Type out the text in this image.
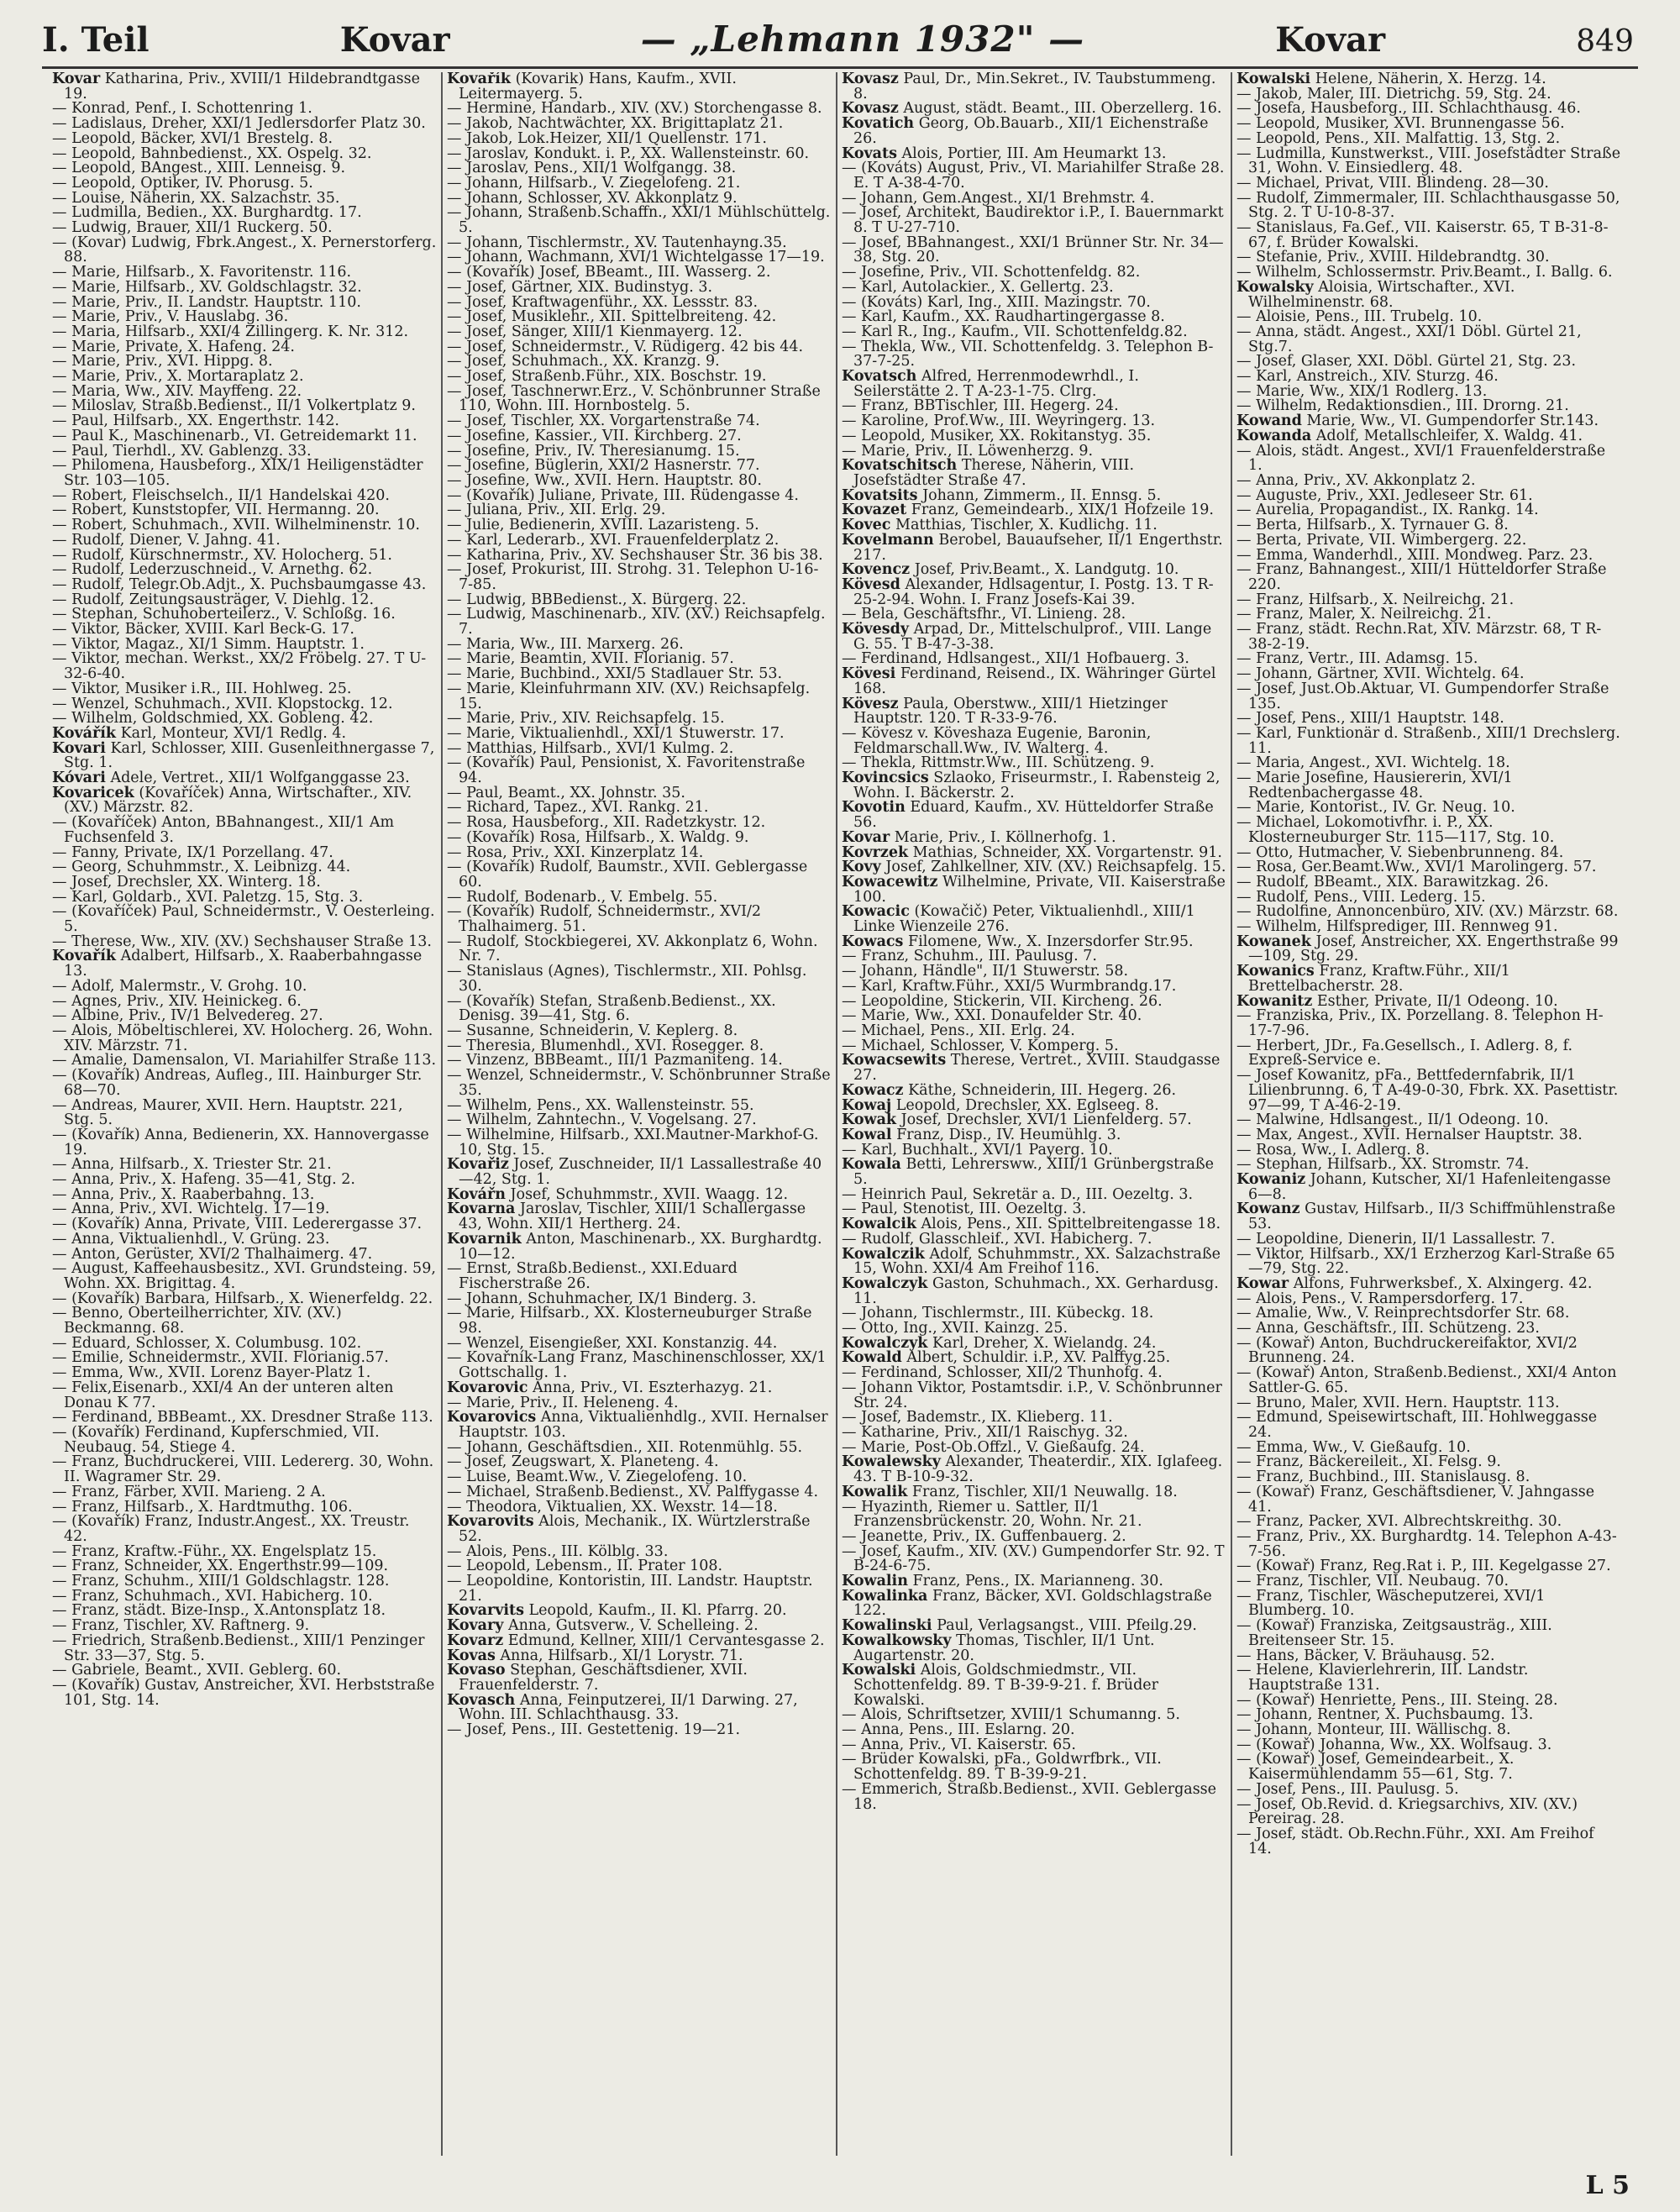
I. Teil	Kovar	— „Lehmann 1932" —	Kovar	849
Kovar Katharina, Priv., XVIII/1 Hildebrandtgasse 19.
— Konrad, Penf., I. Schottenring 1.
— Ladislaus, Dreher, XXI/1 Jedlersdorfer Platz 30.
— Leopold, Bäcker, XVI/1 Brestelg. 8.
— Leopold, Bahnbedienst., XX. Ospelg. 32.
— Leopold, BAngest., XIII. Lenneisg. 9.
— Leopold, Optiker, IV. Phorusg. 5.
— Louise, Näherin, XX. Salzachstr. 35.
— Ludmilla, Bedien., XX. Burghardtg. 17.
— Ludwig, Brauer, XII/1 Ruckerg. 50.
— (Kovar) Ludwig, Fbrk.Angest., X. Pernerstorferg. 88.
— Marie, Hilfsarb., X. Favoritenstr. 116.
— Marie, Hilfsarb., XV. Goldschlagstr. 32.
— Marie, Priv., II. Landstr. Hauptstr. 110.
— Marie, Priv., V. Hauslabg. 36.
— Maria, Hilfsarb., XXI/4 Zillingerg. K. Nr. 312.
— Marie, Private, X. Hafeng. 24.
— Marie, Priv., XVI. Hippg. 8.
— Marie, Priv., X. Mortaraplatz 2.
— Maria, Ww., XIV. Mayffeng. 22.
— Miloslav, Straßb.Bedienst., II/1 Volkertplatz 9.
— Paul, Hilfsarb., XX. Engerthstr. 142.
— Paul K., Maschinenarb., VI. Getreidemarkt 11.
— Paul, Tierhdl., XV. Gablenzg. 33.
— Philomena, Hausbeforg., XIX/1 Heiligenstädter Str. 103—105.
— Robert, Fleischselch., II/1 Handelskai 420.
— Robert, Kunststopfer, VII. Hermanng. 20.
— Robert, Schuhmach., XVII. Wilhelminenstr. 10.
— Rudolf, Diener, V. Jahng. 41.
— Rudolf, Kürschnermstr., XV. Holocherg. 51.
— Rudolf, Lederzuschneid., V. Arnethg. 62.
— Rudolf, Telegr.Ob.Adjt., X. Puchsbaumgasse 43.
— Rudolf, Zeitungsausträger, V. Diehlg. 12.
— Stephan, Schuhoberteilerz., V. Schloßg. 16.
— Viktor, Bäcker, XVIII. Karl Beck-G. 17.
— Viktor, Magaz., XI/1 Simm. Hauptstr. 1.
— Viktor, mechan. Werkst., XX/2 Fröbelg. 27. T U-32-6-40.
— Viktor, Musiker i.R., III. Hohlweg. 25.
— Wenzel, Schuhmach., XVII. Klopstockg. 12.
— Wilhelm, Goldschmied, XX. Gobleng. 42.
Kovářík Karl, Monteur, XVI/1 Redlg. 4.
Kovari Karl, Schlosser, XIII. Gusenleithnergasse 7, Stg. 1.
Kóvari Adele, Vertret., XII/1 Wolfganggasse 23.
Kovaricek (Kovaříček) Anna, Wirtschafter., XIV. (XV.) Märzstr. 82.
— (Kovaříček) Anton, BBahnangest., XII/1 Am Fuchsenfeld 3.
— Fanny, Private, IX/1 Porzellang. 47.
— Georg, Schuhmmstr., X. Leibnizg. 44.
— Josef, Drechsler, XX. Winterg. 18.
— Karl, Goldarb., XVI. Paletzg. 15, Stg. 3.
— (Kovaříček) Paul, Schneidermstr., V. Oesterleing. 5.
— Therese, Ww., XIV. (XV.) Sechshauser Straße 13.
Kovařík Adalbert, Hilfsarb., X. Raaberbahngasse 13.
— Adolf, Malermstr., V. Grohg. 10.
— Agnes, Priv., XIV. Heinickeg. 6.
— Albine, Priv., IV/1 Belvedereg. 27.
— Alois, Möbeltischlerei, XV. Holocherg. 26, Wohn. XIV. Märzstr. 71.
— Amalie, Damensalon, VI. Mariahilfer Straße 113.
— (Kovařík) Andreas, Aufleg., III. Hainburger Str. 68—70.
— Andreas, Maurer, XVII. Hern. Hauptstr. 221, Stg. 5.
— (Kovařík) Anna, Bedienerin, XX. Hannovergasse 19.
— Anna, Hilfsarb., X. Triester Str. 21.
— Anna, Priv., X. Hafeng. 35—41, Stg. 2.
— Anna, Priv., X. Raaberbahng. 13.
— Anna, Priv., XVI. Wichtelg. 17—19.
— (Kovařík) Anna, Private, VIII. Lederergasse 37.
— Anna, Viktualienhdl., V. Grüng. 23.
— Anton, Gerüster, XVI/2 Thalhaimerg. 47.
— August, Kaffeehausbesitz., XVI. Grundsteing. 59, Wohn. XX. Brigittag. 4.
— (Kovařík) Barbara, Hilfsarb., X. Wienerfeldg. 22.
— Benno, Oberteilherrichter, XIV. (XV.) Beckmanng. 68.
— Eduard, Schlosser, X. Columbusg. 102.
— Emilie, Schneidermstr., XVII. Florianig.57.
— Emma, Ww., XVII. Lorenz Bayer-Platz 1.
— Felix,Eisenarb., XXI/4 An der unteren alten Donau K 77.
— Ferdinand, BBBeamt., XX. Dresdner Straße 113.
— (Kovařík) Ferdinand, Kupferschmied, VII. Neubaug. 54, Stiege 4.
— Franz, Buchdruckerei, VIII. Ledererg. 30, Wohn. II. Wagramer Str. 29.
— Franz, Färber, XVII. Marieng. 2 A.
— Franz, Hilfsarb., X. Hardtmuthg. 106.
— (Kovařík) Franz, Industr.Angest., XX. Treustr. 42.
— Franz, Kraftw.-Führ., XX. Engelsplatz 15.
— Franz, Schneider, XX. Engerthstr.99—109.
— Franz, Schuhm., XIII/1 Goldschlagstr. 128.
— Franz, Schuhmach., XVI. Habicherg. 10.
— Franz, städt. Bize-Insp., X.Antonsplatz 18.
— Franz, Tischler, XV. Raftnerg. 9.
— Friedrich, Straßenb.Bedienst., XIII/1 Penzinger Str. 33—37, Stg. 5.
— Gabriele, Beamt., XVII. Geblerg. 60.
— (Kovařík) Gustav, Anstreicher, XVI. Herbststraße 101, Stg. 14.
Kovařík (Kovarik) Hans, Kaufm., XVII. Leitermayerg. 5.
— Hermine, Handarb., XIV. (XV.) Storchengasse 8.
— Jakob, Nachtwächter, XX. Brigittaplatz 21.
— Jakob, Lok.Heizer, XII/1 Quellenstr. 171.
— Jaroslav, Kondukt. i. P., XX. Wallensteinstr. 60.
— Jaroslav, Pens., XII/1 Wolfgangg. 38.
— Johann, Hilfsarb., V. Ziegelofeng. 21.
— Johann, Schlosser, XV. Akkonplatz 9.
— Johann, Straßenb.Schaffn., XXI/1 Mühlschüttelg. 5.
— Johann, Tischlermstr., XV. Tautenhayng.35.
— Johann, Wachmann, XVI/1 Wichtelgasse 17—19.
— (Kovařík) Josef, BBeamt., III. Wasserg. 2.
— Josef, Gärtner, XIX. Budinstyg. 3.
— Josef, Kraftwagenführ., XX. Lessstr. 83.
— Josef, Musiklehr., XII. Spittelbreiteng. 42.
— Josef, Sänger, XIII/1 Kienmayerg. 12.
— Josef, Schneidermstr., V. Rüdigerg. 42 bis 44.
— Josef, Schuhmach., XX. Kranzg. 9.
— Josef, Straßenb.Führ., XIX. Boschstr. 19.
— Josef, Taschnerwr.Erz., V. Schönbrunner Straße 110, Wohn. III. Hornbostelg. 5.
— Josef, Tischler, XX. Vorgartenstraße 74.
— Josefine, Kassier., VII. Kirchberg. 27.
— Josefine, Priv., IV. Theresianumg. 15.
— Josefine, Büglerin, XXI/2 Hasnerstr. 77.
— Josefine, Ww., XVII. Hern. Hauptstr. 80.
— (Kovařík) Juliane, Private, III. Rüdengasse 4.
— Juliana, Priv., XII. Erlg. 29.
— Julie, Bedienerin, XVIII. Lazaristeng. 5.
— Karl, Lederarb., XVI. Frauenfelderplatz 2.
— Katharina, Priv., XV. Sechshauser Str. 36 bis 38.
— Josef, Prokurist, III. Strohg. 31. Telephon U-16-7-85.
— Ludwig, BBBedienst., X. Bürgerg. 22.
— Ludwig, Maschinenarb., XIV. (XV.) Reichsapfelg. 7.
— Maria, Ww., III. Marxerg. 26.
— Marie, Beamtin, XVII. Florianig. 57.
— Marie, Buchbind., XXI/5 Stadlauer Str. 53.
— Marie, Kleinfuhrmann XIV. (XV.) Reichsapfelg. 15.
— Marie, Priv., XIV. Reichsapfelg. 15.
— Marie, Viktualienhdl., XXI/1 Stuwerstr. 17.
— Matthias, Hilfsarb., XVI/1 Kulmg. 2.
— (Kovařík) Paul, Pensionist, X. Favoritenstraße 94.
— Paul, Beamt., XX. Johnstr. 35.
— Richard, Tapez., XVI. Rankg. 21.
— Rosa, Hausbeforg., XII. Radetzkystr. 12.
— (Kovařík) Rosa, Hilfsarb., X. Waldg. 9.
— Rosa, Priv., XXI. Kinzerplatz 14.
— (Kovařík) Rudolf, Baumstr., XVII. Geblergasse 60.
— Rudolf, Bodenarb., V. Embelg. 55.
— (Kovařík) Rudolf, Schneidermstr., XVI/2 Thalhaimerg. 51.
— Rudolf, Stockbiegerei, XV. Akkonplatz 6, Wohn. Nr. 7.
— Stanislaus (Agnes), Tischlermstr., XII. Pohlsg. 30.
— (Kovařík) Stefan, Straßenb.Bedienst., XX. Denisg. 39—41, Stg. 6.
— Susanne, Schneiderin, V. Keplerg. 8.
— Theresia, Blumenhdl., XVI. Rosegger. 8.
— Vinzenz, BBBeamt., III/1 Pazmaniteng. 14.
— Wenzel, Schneidermstr., V. Schönbrunner Straße 35.
— Wilhelm, Pens., XX. Wallensteinstr. 55.
— Wilhelm, Zahntechn., V. Vogelsang. 27.
— Wilhelmine, Hilfsarb., XXI.Mautner-Markhof-G. 10, Stg. 15.
Kovařiz Josef, Zuschneider, II/1 Lassallestraße 40—42, Stg. 1.
Kovářn Josef, Schuhmmstr., XVII. Waagg. 12.
Kovarna Jaroslav, Tischler, XIII/1 Schallergasse 43, Wohn. XII/1 Hertherg. 24.
Kovarnik Anton, Maschinenarb., XX. Burghardtg. 10—12.
— Ernst, Straßb.Bedienst., XXI.Eduard Fischerstraße 26.
— Johann, Schuhmacher, IX/1 Binderg. 3.
— Marie, Hilfsarb., XX. Klosterneuburger Straße 98.
— Wenzel, Eisengießer, XXI. Konstanzig. 44.
— Kovařník-Lang Franz, Maschinenschlosser, XX/1 Gottschallg. 1.
Kovarovic Anna, Priv., VI. Eszterhazyg. 21.
— Marie, Priv., II. Heleneng. 4.
Kovarovics Anna, Viktualienhdlg., XVII. Hernalser Hauptstr. 103.
— Johann, Geschäftsdien., XII. Rotenmühlg. 55.
— Josef, Zeugswart, X. Planeteng. 4.
— Luise, Beamt.Ww., V. Ziegelofeng. 10.
— Michael, Straßenb.Bedienst., XV. Palffygasse 4.
— Theodora, Viktualien, XX. Wexstr. 14—18.
Kovarovits Alois, Mechanik., IX. Würtzlerstraße 52.
— Alois, Pens., III. Kölblg. 33.
— Leopold, Lebensm., II. Prater 108.
— Leopoldine, Kontoristin, III. Landstr. Hauptstr. 21.
Kovarvits Leopold, Kaufm., II. Kl. Pfarrg. 20.
Kovary Anna, Gutsverw., V. Schelleing. 2.
Kovarz Edmund, Kellner, XIII/1 Cervantesgasse 2.
Kovas Anna, Hilfsarb., XI/1 Lorystr. 71.
Kovaso Stephan, Geschäftsdiener, XVII. Frauenfelderstr. 7.
Kovasch Anna, Feinputzerei, II/1 Darwing. 27, Wohn. III. Schlachthausg. 33.
— Josef, Pens., III. Gestettenig. 19—21.
Kovasz Paul, Dr., Min.Sekret., IV. Taubstummeng. 8.
Kovasz August, städt. Beamt., III. Oberzellerg. 16.
Kovatich Georg, Ob.Bauarb., XII/1 Eichenstraße 26.
Kovats Alois, Portier, III. Am Heumarkt 13.
— (Kováts) August, Priv., VI. Mariahilfer Straße 28. E. T A-38-4-70.
— Johann, Gem.Angest., XI/1 Brehmstr. 4.
— Josef, Architekt, Baudirektor i.P., I. Bauernmarkt 8. T U-27-710.
— Josef, BBahnangest., XXI/1 Brünner Str. Nr. 34—38, Stg. 20.
— Josefine, Priv., VII. Schottenfeldg. 82.
— Karl, Autolackier., X. Gellertg. 23.
— (Kováts) Karl, Ing., XIII. Mazingstr. 70.
— Karl, Kaufm., XX. Raudhartingergasse 8.
— Karl R., Ing., Kaufm., VII. Schottenfeldg.82.
— Thekla, Ww., VII. Schottenfeldg. 3. Telephon B-37-7-25.
Kovatsch Alfred, Herrenmodewrhdl., I. Seilerstätte 2. T A-23-1-75. Clrg.
— Franz, BBTischler, III. Hegerg. 24.
— Karoline, Prof.Ww., III. Weyringerg. 13.
— Leopold, Musiker, XX. Rokitanstyg. 35.
— Marie, Priv., II. Löwenherzg. 9.
Kovatschitsch Therese, Näherin, VIII. Josefstädter Straße 47.
Kovatsits Johann, Zimmerm., II. Ennsg. 5.
Kovazet Franz, Gemeindearb., XIX/1 Hofzeile 19.
Kovec Matthias, Tischler, X. Kudlichg. 11.
Kovelmann Berobel, Bauaufseher, II/1 Engerthstr. 217.
Kovencz Josef, Priv.Beamt., X. Landgutg. 10.
Kövesd Alexander, Hdlsagentur, I. Postg. 13. T R-25-2-94. Wohn. I. Franz Josefs-Kai 39.
— Bela, Geschäftsfhr., VI. Linieng. 28.
Kövesdy Arpad, Dr., Mittelschulprof., VIII. Lange G. 55. T B-47-3-38.
— Ferdinand, Hdlsangest., XII/1 Hofbauerg. 3.
Kövesi Ferdinand, Reisend., IX. Währinger Gürtel 168.
Kövesz Paula, Oberstww., XIII/1 Hietzinger Hauptstr. 120. T R-33-9-76.
— Kövesz v. Köveshaza Eugenie, Baronin, Feldmarschall.Ww., IV. Walterg. 4.
— Theklа, Rittmstr.Ww., III. Schützeng. 9.
Kovincsics Szlaoko, Friseurmstr., I. Rabensteig 2, Wohn. I. Bäckerstr. 2.
Kovotin Eduard, Kaufm., XV. Hütteldorfer Straße 56.
Kovar Marie, Priv., I. Köllnerhofg. 1.
Kovrzek Mathias, Schneider, XX. Vorgartenstr. 91.
Kovy Josef, Zahlkellner, XIV. (XV.) Reichsapfelg. 15.
Kowacewitz Wilhelmine, Private, VII. Kaiserstraße 100.
Kowacic (Kowačič) Peter, Viktualienhdl., XIII/1 Linke Wienzeile 276.
Kowacs Filomene, Ww., X. Inzersdorfer Str.95.
— Franz, Schuhm., III. Paulusg. 7.
— Johann, Händle", II/1 Stuwerstr. 58.
— Karl, Kraftw.Führ., XXI/5 Wurmbrandg.17.
— Leopoldine, Stickerin, VII. Kircheng. 26.
— Marie, Ww., XXI. Donaufelder Str. 40.
— Michael, Pens., XII. Erlg. 24.
— Michael, Schlosser, V. Komperg. 5.
Kowacsewits Therese, Vertret., XVIII. Staudgasse 27.
Kowacz Käthe, Schneiderin, III. Hegerg. 26.
Kowaj Leopold, Drechsler, XX. Eglseeg. 8.
Kowak Josef, Drechsler, XVI/1 Lienfelderg. 57.
Kowal Franz, Disp., IV. Heumühlg. 3.
— Karl, Buchhalt., XVI/1 Payerg. 10.
Kowala Betti, Lehrersww., XIII/1 Grünbergstraße 5.
— Heinrich Paul, Sekretär a. D., III. Oezeltg. 3.
— Paul, Stenotist, III. Oezeltg. 3.
Kowalcik Alois, Pens., XII. Spittelbreitengasse 18.
— Rudolf, Glasschleif., XVI. Habicherg. 7.
Kowalczik Adolf, Schuhmmstr., XX. Salzachstraße 15, Wohn. XXI/4 Am Freihof 116.
Kowalczyk Gaston, Schuhmach., XX. Gerhardusg. 11.
— Johann, Tischlermstr., III. Kübeckg. 18.
— Otto, Ing., XVII. Kainzg. 25.
Kowalczyk Karl, Dreher, X. Wielandg. 24.
Kowald Albert, Schuldir. i.P., XV. Palffyg.25.
— Ferdinand, Schlosser, XII/2 Thunhofg. 4.
— Johann Viktor, Postamtsdir. i.P., V. Schönbrunner Str. 24.
— Josef, Bademstr., IX. Klieberg. 11.
— Katharine, Priv., XII/1 Raischyg. 32.
— Marie, Post-Ob.Offzl., V. Gießaufg. 24.
Kowalewsky Alexander, Theaterdir., XIX. Iglafeeg. 43. T B-10-9-32.
Kowalik Franz, Tischler, XII/1 Neuwallg. 18.
— Hyazinth, Riemer u. Sattler, II/1 Franzensbrückenstr. 20, Wohn. Nr. 21.
— Jeanette, Priv., IX. Guffenbauerg. 2.
— Josef, Kaufm., XIV. (XV.) Gumpendorfer Str. 92. T B-24-6-75.
Kowalin Franz, Pens., IX. Marianneng. 30.
Kowalinka Franz, Bäcker, XVI. Goldschlagstraße 122.
Kowalinski Paul, Verlagsangst., VIII. Pfeilg.29.
Kowalkowsky Thomas, Tischler, II/1 Unt. Augartenstr. 20.
Kowalski Alois, Goldschmiedmstr., VII. Schottenfeldg. 89. T B-39-9-21. f. Brüder Kowalski.
— Alois, Schriftsetzer, XVIII/1 Schumanng. 5.
— Anna, Pens., III. Eslarng. 20.
— Anna, Priv., VI. Kaiserstr. 65.
— Brüder Kowalski, pFa., Goldwrfbrk., VII. Schottenfeldg. 89. T B-39-9-21.
— Emmerich, Straßb.Bedienst., XVII. Geblergasse 18.
Kowalski Helene, Näherin, X. Herzg. 14.
— Jakob, Maler, III. Dietrichg. 59, Stg. 24.
— Josefa, Hausbeforg., III. Schlachthausg. 46.
— Leopold, Musiker, XVI. Brunnengasse 56.
— Leopold, Pens., XII. Malfattig. 13, Stg. 2.
— Ludmilla, Kunstwerkst., VIII. Josefstädter Straße 31, Wohn. V. Einsiedlerg. 48.
— Michael, Privat, VIII. Blindeng. 28—30.
— Rudolf, Zimmermaler, III. Schlachthausgasse 50, Stg. 2. T U-10-8-37.
— Stanislaus, Fa.Gef., VII. Kaiserstr. 65, T B-31-8-67, f. Brüder Kowalski.
— Stefanie, Priv., XVIII. Hildebrandtg. 30.
— Wilhelm, Schlossermstr. Priv.Beamt., I. Ballg. 6.
Kowalsky Aloisia, Wirtschafter., XVI. Wilhelminenstr. 68.
— Aloisie, Pens., III. Trubelg. 10.
— Anna, städt. Angest., XXI/1 Döbl. Gürtel 21, Stg.7.
— Josef, Glaser, XXI. Döbl. Gürtel 21, Stg. 23.
— Karl, Anstreich., XIV. Sturzg. 46.
— Marie, Ww., XIX/1 Rodlerg. 13.
— Wilhelm, Redaktionsdien., III. Drorng. 21.
Kowand Marie, Ww., VI. Gumpendorfer Str.143.
Kowanda Adolf, Metallschleifer, X. Waldg. 41.
— Alois, städt. Angest., XVI/1 Frauenfelderstraße 1.
— Anna, Priv., XV. Akkonplatz 2.
— Auguste, Priv., XXI. Jedleseer Str. 61.
— Aurelia, Propagandist., IX. Rankg. 14.
— Berta, Hilfsarb., X. Tyrnauer G. 8.
— Berta, Private, VII. Wimbergerg. 22.
— Emma, Wanderhdl., XIII. Mondweg. Parz. 23.
— Franz, Bahnangest., XIII/1 Hütteldorfer Straße 220.
— Franz, Hilfsarb., X. Neilreichg. 21.
— Franz, Maler, X. Neilreichg. 21.
— Franz, städt. Rechn.Rat, XIV. Märzstr. 68, T R-38-2-19.
— Franz, Vertr., III. Adamsg. 15.
— Johann, Gärtner, XVII. Wichtelg. 64.
— Josef, Just.Ob.Aktuar, VI. Gumpendorfer Straße 135.
— Josef, Pens., XIII/1 Hauptstr. 148.
— Karl, Funktionär d. Straßenb., XIII/1 Drechslerg. 11.
— Maria, Angest., XVI. Wichtelg. 18.
— Marie Josefine, Hausiererin, XVI/1 Redtenbachergasse 48.
— Marie, Kontorist., IV. Gr. Neug. 10.
— Michael, Lokomotivfhr. i. P., XX. Klosterneuburger Str. 115—117, Stg. 10.
— Otto, Hutmacher, V. Siebenbrunneng. 84.
— Rosa, Ger.Beamt.Ww., XVI/1 Marolingerg. 57.
— Rudolf, BBeamt., XIX. Barawitzkag. 26.
— Rudolf, Pens., VIII. Lederg. 15.
— Rudolfine, Annoncenbüro, XIV. (XV.) Märzstr. 68.
— Wilhelm, Hilfsprediger, III. Rennweg 91.
Kowanek Josef, Anstreicher, XX. Engerthstraße 99—109, Stg. 29.
Kowanics Franz, Kraftw.Führ., XII/1 Brettelbacherstr. 28.
Kowanitz Esther, Private, II/1 Odeong. 10.
— Franziska, Priv., IX. Porzellang. 8. Telephon H-17-7-96.
— Herbert, JDr., Fa.Gesellsch., I. Adlerg. 8, f. Expreß-Service e.
— Josef Kowanitz, pFa., Bettfedernfabrik, II/1 Lilienbrunng. 6, T A-49-0-30, Fbrk. XX. Pasettistr. 97—99, T A-46-2-19.
— Malwine, Hdlsangest., II/1 Odeong. 10.
— Max, Angest., XVII. Hernalser Hauptstr. 38.
— Rosa, Ww., I. Adlerg. 8.
— Stephan, Hilfsarb., XX. Stromstr. 74.
Kowaniz Johann, Kutscher, XI/1 Hafenleitengasse 6—8.
Kowanz Gustav, Hilfsarb., II/3 Schiffmühlenstraße 53.
— Leopoldine, Dienerin, II/1 Lassallestr. 7.
— Viktor, Hilfsarb., XX/1 Erzherzog Karl-Straße 65—79, Stg. 22.
Kowar Alfons, Fuhrwerksbef., X. Alxingerg. 42.
— Alois, Pens., V. Rampersdorferg. 17.
— Amalie, Ww., V. Reinprechtsdorfer Str. 68.
— Anna, Geschäftsfr., III. Schützeng. 23.
— (Kowař) Anton, Buchdruckereifaktor, XVI/2 Brunneng. 24.
— (Kowař) Anton, Straßenb.Bedienst., XXI/4 Anton Sattler-G. 65.
— Bruno, Maler, XVII. Hern. Hauptstr. 113.
— Edmund, Speisewirtschaft, III. Hohlweggasse 24.
— Emma, Ww., V. Gießaufg. 10.
— Franz, Bäckereileit., XI. Felsg. 9.
— Franz, Buchbind., III. Stanislausg. 8.
— (Kowař) Franz, Geschäftsdiener, V. Jahngasse 41.
— Franz, Packer, XVI. Albrechtskreithg. 30.
— Franz, Priv., XX. Burghardtg. 14. Telephon A-43-7-56.
— (Kowař) Franz, Reg.Rat i. P., III. Kegelgasse 27.
— Franz, Tischler, VII. Neubaug. 70.
— Franz, Tischler, Wäscheputzerei, XVI/1 Blumberg. 10.
— (Kowař) Franziska, Zeitgsausträg., XIII. Breitenseer Str. 15.
— Hans, Bäcker, V. Bräuhausg. 52.
— Helene, Klavierlehrerin, III. Landstr. Hauptstraße 131.
— (Kowař) Henriette, Pens., III. Steing. 28.
— Johann, Rentner, X. Puchsbaumg. 13.
— Johann, Monteur, III. Wällischg. 8.
— (Kowař) Johanna, Ww., XX. Wolfsaug. 3.
— (Kowař) Josef, Gemeindearbeit., X. Kaisermühlendamm 55—61, Stg. 7.
— Josef, Pens., III. Paulusg. 5.
— Josef, Ob.Revid. d. Kriegsarchivs, XIV. (XV.) Pereirag. 28.
— Josef, städt. Ob.Rechn.Führ., XXI. Am Freihof 14.
L 5
